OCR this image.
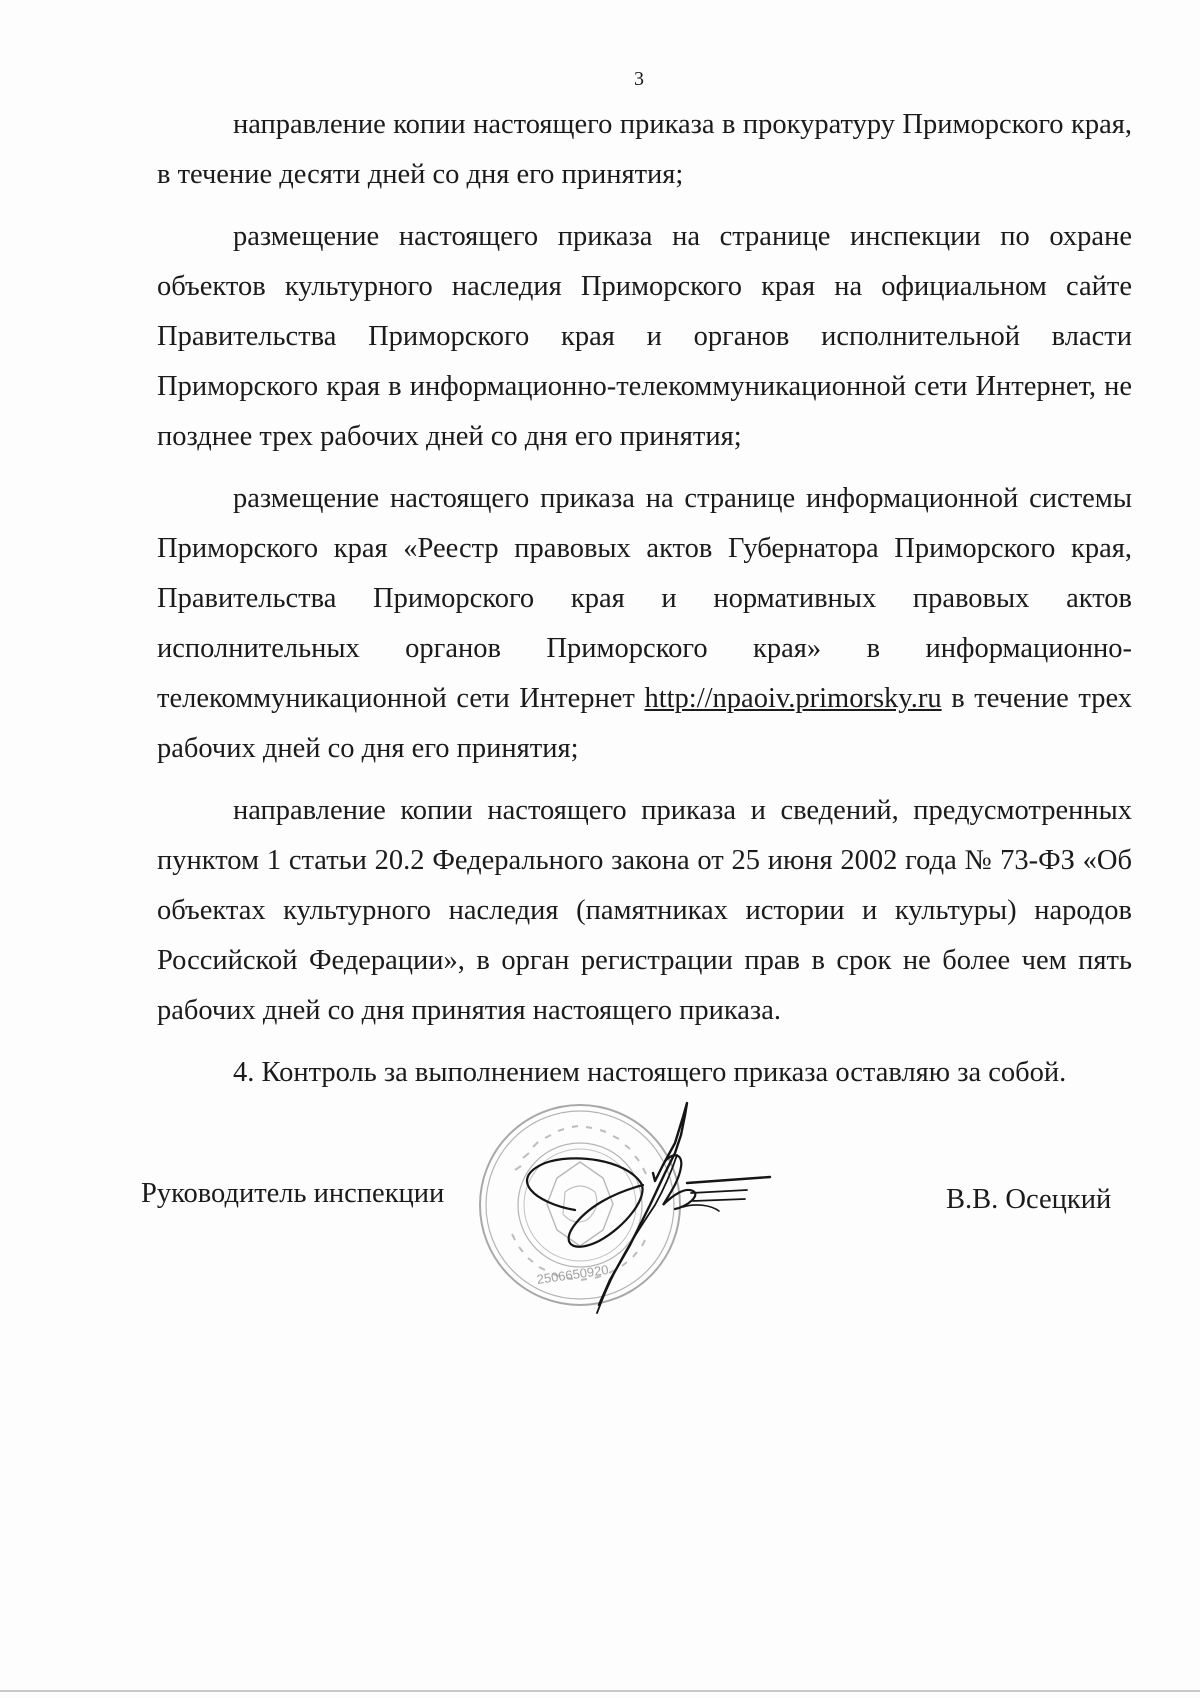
3

направление копии настоящего приказа в прокуратуру Приморского края, в течение десяти дней со дня его принятия;

размещение настоящего приказа на странице инспекции по охране объектов культурного наследия Приморского края на официальном сайте Правительства Приморского края и органов исполнительной власти Приморского края в информационно-телекоммуникационной сети Интернет, не позднее трех рабочих дней со дня его принятия;

размещение настоящего приказа на странице информационной системы Приморского края «Реестр правовых актов Губернатора Приморского края, Правительства Приморского края и нормативных правовых актов исполнительных органов Приморского края» в информационно-телекоммуникационной сети Интернет http://npaoiv.primorsky.ru в течение трех рабочих дней со дня его принятия;

направление копии настоящего приказа и сведений, предусмотренных пунктом 1 статьи 20.2 Федерального закона от 25 июня 2002 года № 73-ФЗ «Об объектах культурного наследия (памятниках истории и культуры) народов Российской Федерации», в орган регистрации прав в срок не более чем пять рабочих дней со дня принятия настоящего приказа.

4. Контроль за выполнением настоящего приказа оставляю за собой.

Руководитель инспекции
2506650920
В.В. Осецкий
